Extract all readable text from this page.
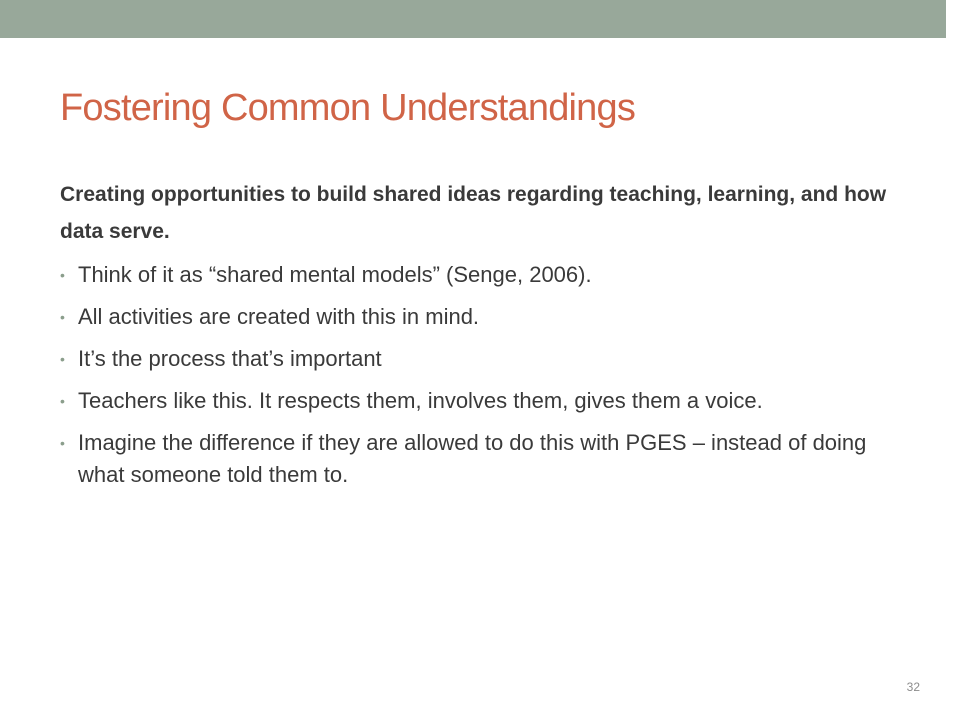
Fostering Common Understandings

Creating opportunities to build shared ideas regarding teaching, learning, and how data serve.

• Think of it as “shared mental models” (Senge, 2006).
• All activities are created with this in mind.
• It’s the process that’s important
• Teachers like this. It respects them, involves them, gives them a voice.
• Imagine the difference if they are allowed to do this with PGES – instead of doing what someone told them to.
32
